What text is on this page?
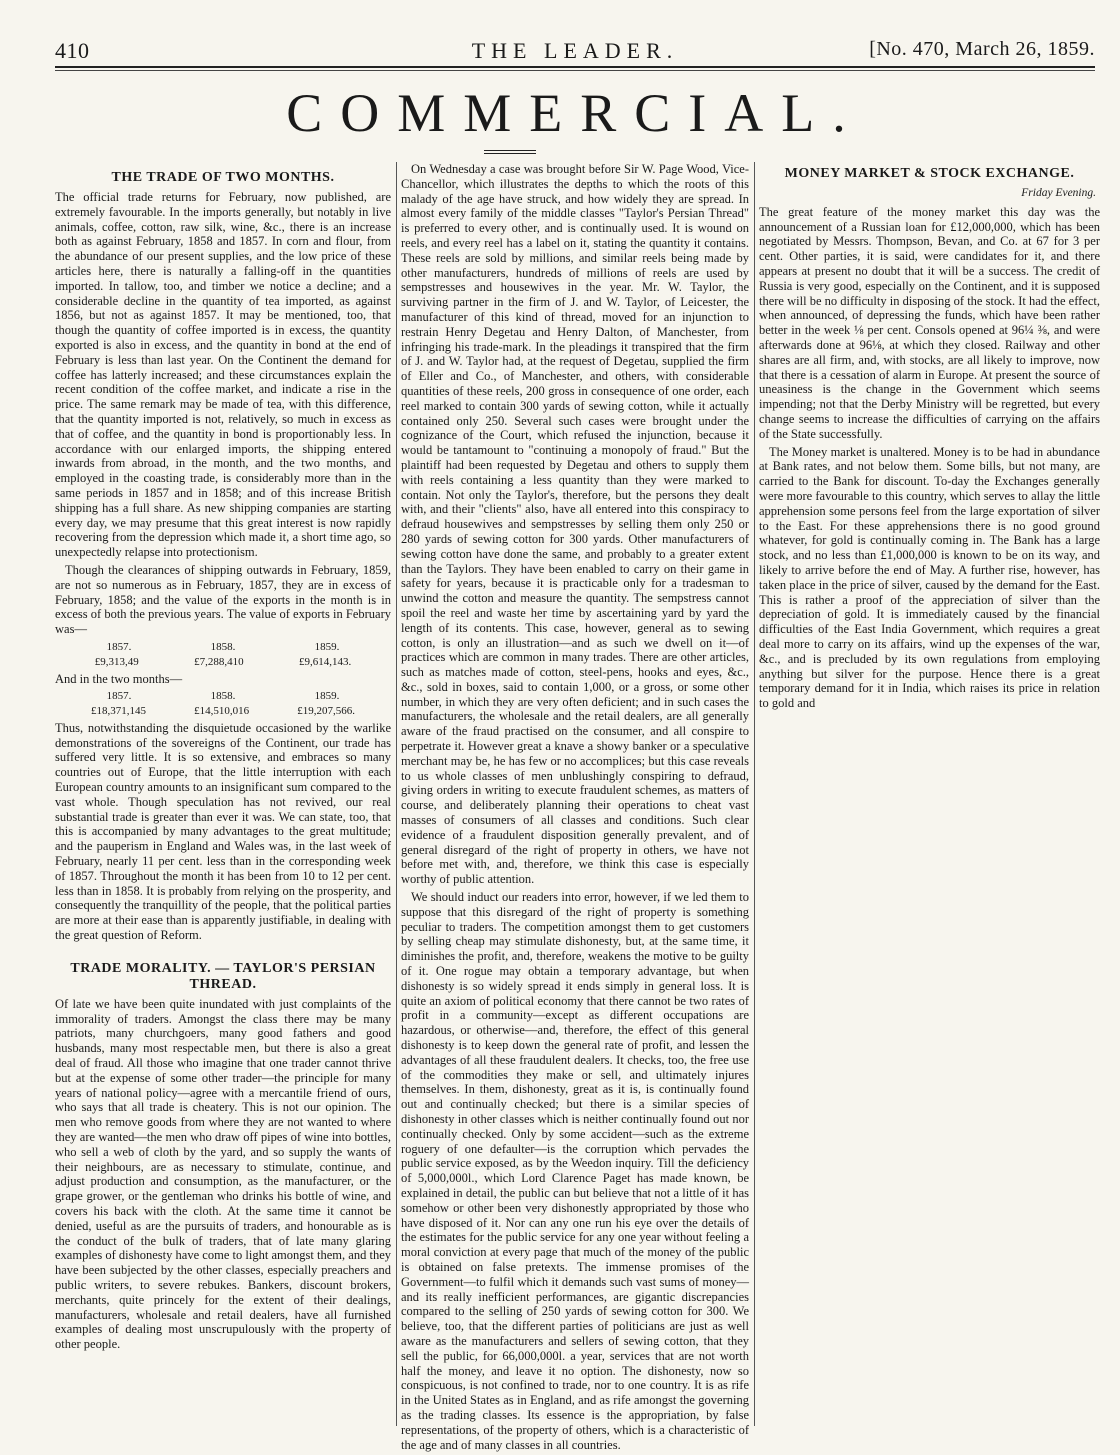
410	THE LEADER.	[No. 470, March 26, 1859.
COMMERCIAL.
THE TRADE OF TWO MONTHS.

The official trade returns for February, now published, are extremely favourable. In the imports generally, but notably in live animals, coffee, cotton, raw silk, wine, &c., there is an increase both as against February, 1858 and 1857. In corn and flour, from the abundance of our present supplies, and the low price of these articles here, there is naturally a falling-off in the quantities imported. In tallow, too, and timber we notice a decline; and a considerable decline in the quantity of tea imported, as against 1856, but not as against 1857. It may be mentioned, too, that though the quantity of coffee imported is in excess, the quantity exported is also in excess, and the quantity in bond at the end of February is less than last year. On the Continent the demand for coffee has latterly increased; and these circumstances explain the recent condition of the coffee market, and indicate a rise in the price. The same remark may be made of tea, with this difference, that the quantity imported is not, relatively, so much in excess as that of coffee, and the quantity in bond is proportionably less. In accordance with our enlarged imports, the shipping entered inwards from abroad, in the month, and the two months, and employed in the coasting trade, is considerably more than in the same periods in 1857 and in 1858; and of this increase British shipping has a full share. As new shipping companies are starting every day, we may presume that this great interest is now rapidly recovering from the depression which made it, a short time ago, so unexpectedly relapse into protectionism.

Though the clearances of shipping outwards in February, 1859, are not so numerous as in February, 1857, they are in excess of February, 1858; and the value of the exports in the month is in excess of both the previous years. The value of exports in February was—

1857.	1858.	1859.
£9,313,49	£7,288,410	£9,614,143.

And in the two months—

1857.	1858.	1859.
£18,371,145	£14,510,016	£19,207,566.

Thus, notwithstanding the disquietude occasioned by the warlike demonstrations of the sovereigns of the Continent, our trade has suffered very little. It is so extensive, and embraces so many countries out of Europe, that the little interruption with each European country amounts to an insignificant sum compared to the vast whole. Though speculation has not revived, our real substantial trade is greater than ever it was. We can state, too, that this is accompanied by many advantages to the great multitude; and the pauperism in England and Wales was, in the last week of February, nearly 11 per cent. less than in the corresponding week of 1857. Throughout the month it has been from 10 to 12 per cent. less than in 1858. It is probably from relying on the prosperity, and consequently the tranquillity of the people, that the political parties are more at their ease than is apparently justifiable, in dealing with the great question of Reform.

TRADE MORALITY. — TAYLOR'S PERSIAN THREAD.

Of late we have been quite inundated with just complaints of the immorality of traders. Amongst the class there may be many patriots, many churchgoers, many good fathers and good husbands, many most respectable men, but there is also a great deal of fraud. All those who imagine that one trader cannot thrive but at the expense of some other trader—the principle for many years of national policy—agree with a mercantile friend of ours, who says that all trade is cheatery. This is not our opinion. The men who remove goods from where they are not wanted to where they are wanted—the men who draw off pipes of wine into bottles, who sell a web of cloth by the yard, and so supply the wants of their neighbours, are as necessary to stimulate, continue, and adjust production and consumption, as the manufacturer, or the grape grower, or the gentleman who drinks his bottle of wine, and covers his back with the cloth. At the same time it cannot be denied, useful as are the pursuits of traders, and honourable as is the conduct of the bulk of traders, that of late many glaring examples of dishonesty have come to light amongst them, and they have been subjected by the other classes, especially preachers and public writers, to severe rebukes. Bankers, discount brokers, merchants, quite princely for the extent of their dealings, manufacturers, wholesale and retail dealers, have all furnished examples of dealing most unscrupulously with the property of other people.

On Wednesday a case was brought before Sir W. Page Wood, Vice-Chancellor, which illustrates the depths to which the roots of this malady of the age have struck, and how widely they are spread. In almost every family of the middle classes "Taylor's Persian Thread" is preferred to every other, and is continually used. It is wound on reels, and every reel has a label on it, stating the quantity it contains. These reels are sold by millions, and similar reels being made by other manufacturers, hundreds of millions of reels are used by sempstresses and housewives in the year. Mr. W. Taylor, the surviving partner in the firm of J. and W. Taylor, of Leicester, the manufacturer of this kind of thread, moved for an injunction to restrain Henry Degetau and Henry Dalton, of Manchester, from infringing his trade-mark. In the pleadings it transpired that the firm of J. and W. Taylor had, at the request of Degetau, supplied the firm of Eller and Co., of Manchester, and others, with considerable quantities of these reels, 200 gross in consequence of one order, each reel marked to contain 300 yards of sewing cotton, while it actually contained only 250. Several such cases were brought under the cognizance of the Court, which refused the injunction, because it would be tantamount to "continuing a monopoly of fraud." But the plaintiff had been requested by Degetau and others to supply them with reels containing a less quantity than they were marked to contain. Not only the Taylor's, therefore, but the persons they dealt with, and their "clients" also, have all entered into this conspiracy to defraud housewives and sempstresses by selling them only 250 or 280 yards of sewing cotton for 300 yards. Other manufacturers of sewing cotton have done the same, and probably to a greater extent than the Taylors. They have been enabled to carry on their game in safety for years, because it is practicable only for a tradesman to unwind the cotton and measure the quantity. The sempstress cannot spoil the reel and waste her time by ascertaining yard by yard the length of its contents. This case, however, general as to sewing cotton, is only an illustration—and as such we dwell on it—of practices which are common in many trades. There are other articles, such as matches made of cotton, steel-pens, hooks and eyes, &c., &c., sold in boxes, said to contain 1,000, or a gross, or some other number, in which they are very often deficient; and in such cases the manufacturers, the wholesale and the retail dealers, are all generally aware of the fraud practised on the consumer, and all conspire to perpetrate it. However great a knave a showy banker or a speculative merchant may be, he has few or no accomplices; but this case reveals to us whole classes of men unblushingly conspiring to defraud, giving orders in writing to execute fraudulent schemes, as matters of course, and deliberately planning their operations to cheat vast masses of consumers of all classes and conditions. Such clear evidence of a fraudulent disposition generally prevalent, and of general disregard of the right of property in others, we have not before met with, and, therefore, we think this case is especially worthy of public attention.

We should induct our readers into error, however, if we led them to suppose that this disregard of the right of property is something peculiar to traders. The competition amongst them to get customers by selling cheap may stimulate dishonesty, but, at the same time, it diminishes the profit, and, therefore, weakens the motive to be guilty of it. One rogue may obtain a temporary advantage, but when dishonesty is so widely spread it ends simply in general loss. It is quite an axiom of political economy that there cannot be two rates of profit in a community—except as different occupations are hazardous, or otherwise—and, therefore, the effect of this general dishonesty is to keep down the general rate of profit, and lessen the advantages of all these fraudulent dealers. It checks, too, the free use of the commodities they make or sell, and ultimately injures themselves. In them, dishonesty, great as it is, is continually found out and continually checked; but there is a similar species of dishonesty in other classes which is neither continually found out nor continually checked. Only by some accident—such as the extreme roguery of one defaulter—is the corruption which pervades the public service exposed, as by the Weedon inquiry. Till the deficiency of 5,000,000l., which Lord Clarence Paget has made known, be explained in detail, the public can but believe that not a little of it has somehow or other been very dishonestly appropriated by those who have disposed of it. Nor can any one run his eye over the details of the estimates for the public service for any one year without feeling a moral conviction at every page that much of the money of the public is obtained on false pretexts. The immense promises of the Government—to fulfil which it demands such vast sums of money—and its really inefficient performances, are gigantic discrepancies compared to the selling of 250 yards of sewing cotton for 300. We believe, too, that the different parties of politicians are just as well aware as the manufacturers and sellers of sewing cotton, that they sell the public, for 66,000,000l. a year, services that are not worth half the money, and leave it no option. The dishonesty, now so conspicuous, is not confined to trade, nor to one country. It is as rife in the United States as in England, and as rife amongst the governing as the trading classes. Its essence is the appropriation, by false representations, of the property of others, which is a characteristic of the age and of many classes in all countries.

MONEY MARKET & STOCK EXCHANGE.
Friday Evening.

The great feature of the money market this day was the announcement of a Russian loan for £12,000,000, which has been negotiated by Messrs. Thompson, Bevan, and Co. at 67 for 3 per cent. Other parties, it is said, were candidates for it, and there appears at present no doubt that it will be a success. The credit of Russia is very good, especially on the Continent, and it is supposed there will be no difficulty in disposing of the stock. It had the effect, when announced, of depressing the funds, which have been rather better in the week ⅛ per cent. Consols opened at 96¼ ⅜, and were afterwards done at 96⅛, at which they closed. Railway and other shares are all firm, and, with stocks, are all likely to improve, now that there is a cessation of alarm in Europe. At present the source of uneasiness is the change in the Government which seems impending; not that the Derby Ministry will be regretted, but every change seems to increase the difficulties of carrying on the affairs of the State successfully.

The Money market is unaltered. Money is to be had in abundance at Bank rates, and not below them. Some bills, but not many, are carried to the Bank for discount. To-day the Exchanges generally were more favourable to this country, which serves to allay the little apprehension some persons feel from the large exportation of silver to the East. For these apprehensions there is no good ground whatever, for gold is continually coming in. The Bank has a large stock, and no less than £1,000,000 is known to be on its way, and likely to arrive before the end of May. A further rise, however, has taken place in the price of silver, caused by the demand for the East. This is rather a proof of the appreciation of silver than the depreciation of gold. It is immediately caused by the financial difficulties of the East India Government, which requires a great deal more to carry on its affairs, wind up the expenses of the war, &c., and is precluded by its own regulations from employing anything but silver for the purpose. Hence there is a great temporary demand for it in India, which raises its price in relation to gold and
